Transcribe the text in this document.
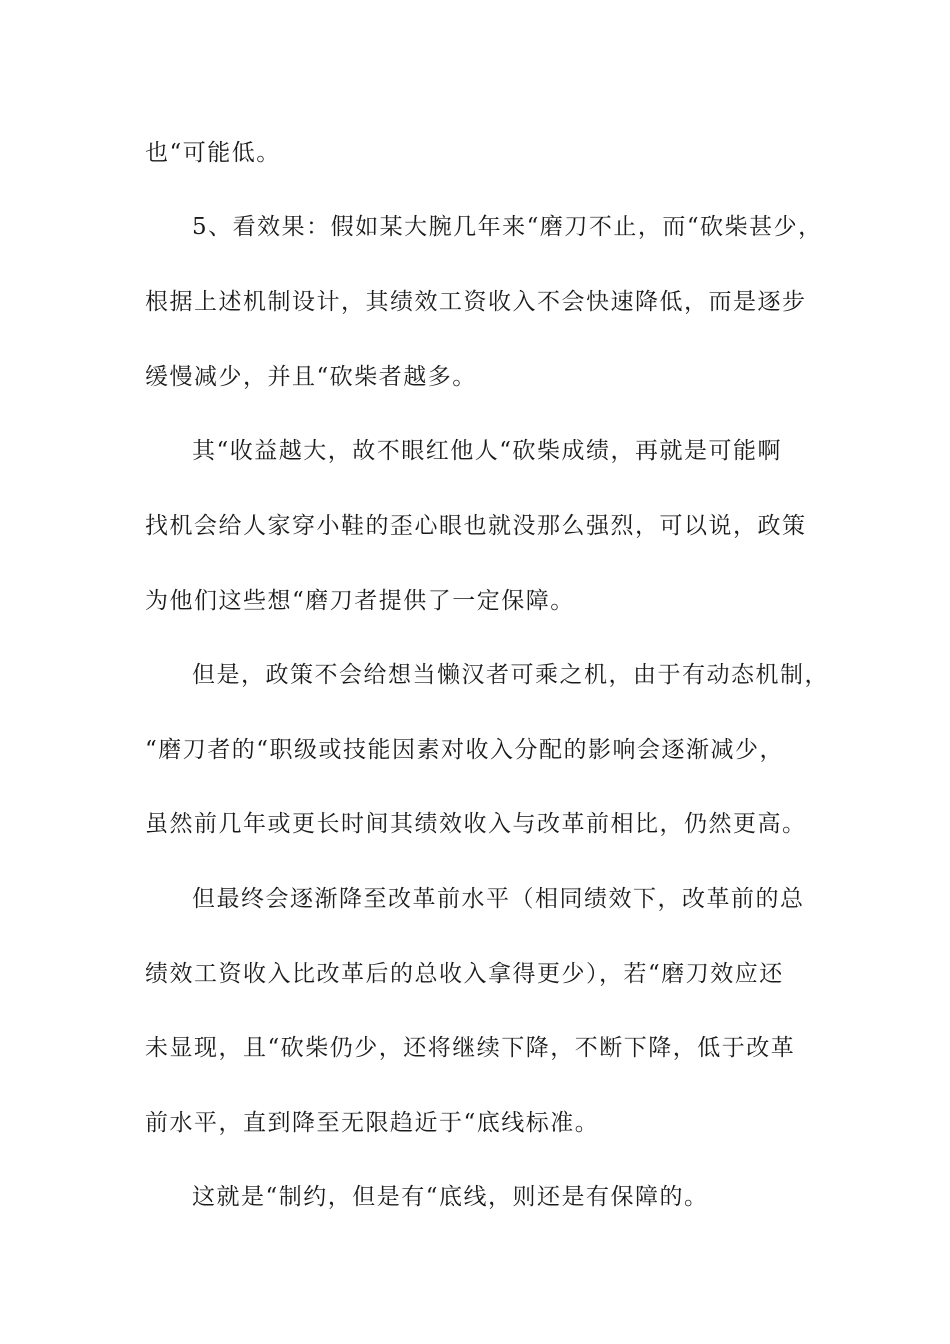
也“可能低。
5、看效果：假如某大腕几年来“磨刀不止，而“砍柴甚少，
根据上述机制设计，其绩效工资收入不会快速降低，而是逐步
缓慢减少，并且“砍柴者越多。
其“收益越大，故不眼红他人“砍柴成绩，再就是可能啊
找机会给人家穿小鞋的歪心眼也就没那么强烈，可以说，政策
为他们这些想“磨刀者提供了一定保障。
但是，政策不会给想当懒汉者可乘之机，由于有动态机制，
“磨刀者的“职级或技能因素对收入分配的影响会逐渐减少，
虽然前几年或更长时间其绩效收入与改革前相比，仍然更高。
但最终会逐渐降至改革前水平（相同绩效下，改革前的总
绩效工资收入比改革后的总收入拿得更少），若“磨刀效应还
未显现，且“砍柴仍少，还将继续下降，不断下降，低于改革
前水平，直到降至无限趋近于“底线标准。
这就是“制约，但是有“底线，则还是有保障的。
